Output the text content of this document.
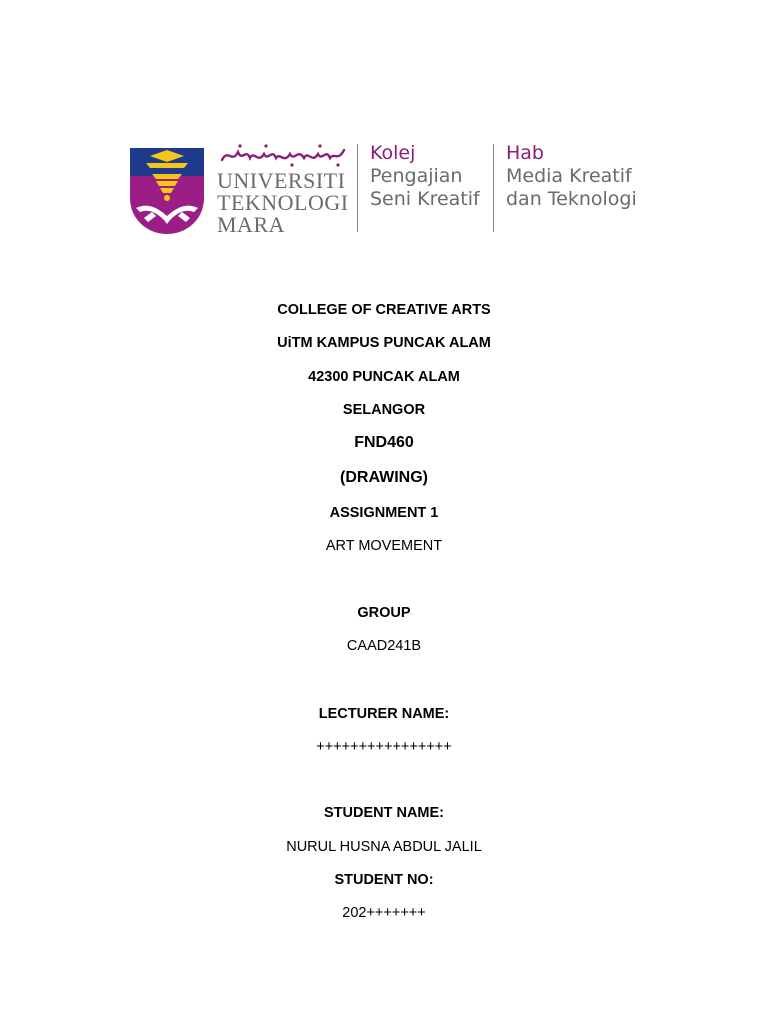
UNIVERSITI
TEKNOLOGI
MARA
Kolej
Pengajian
Seni Kreatif
Hab
Media Kreatif
dan Teknologi
COLLEGE OF CREATIVE ARTS
UiTM KAMPUS PUNCAK ALAM
42300 PUNCAK ALAM
SELANGOR
FND460
(DRAWING)
ASSIGNMENT 1
ART MOVEMENT
GROUP
CAAD241B
LECTURER NAME:
++++++++++++++++
STUDENT NAME:
NURUL HUSNA ABDUL JALIL
STUDENT NO:
202+++++++
